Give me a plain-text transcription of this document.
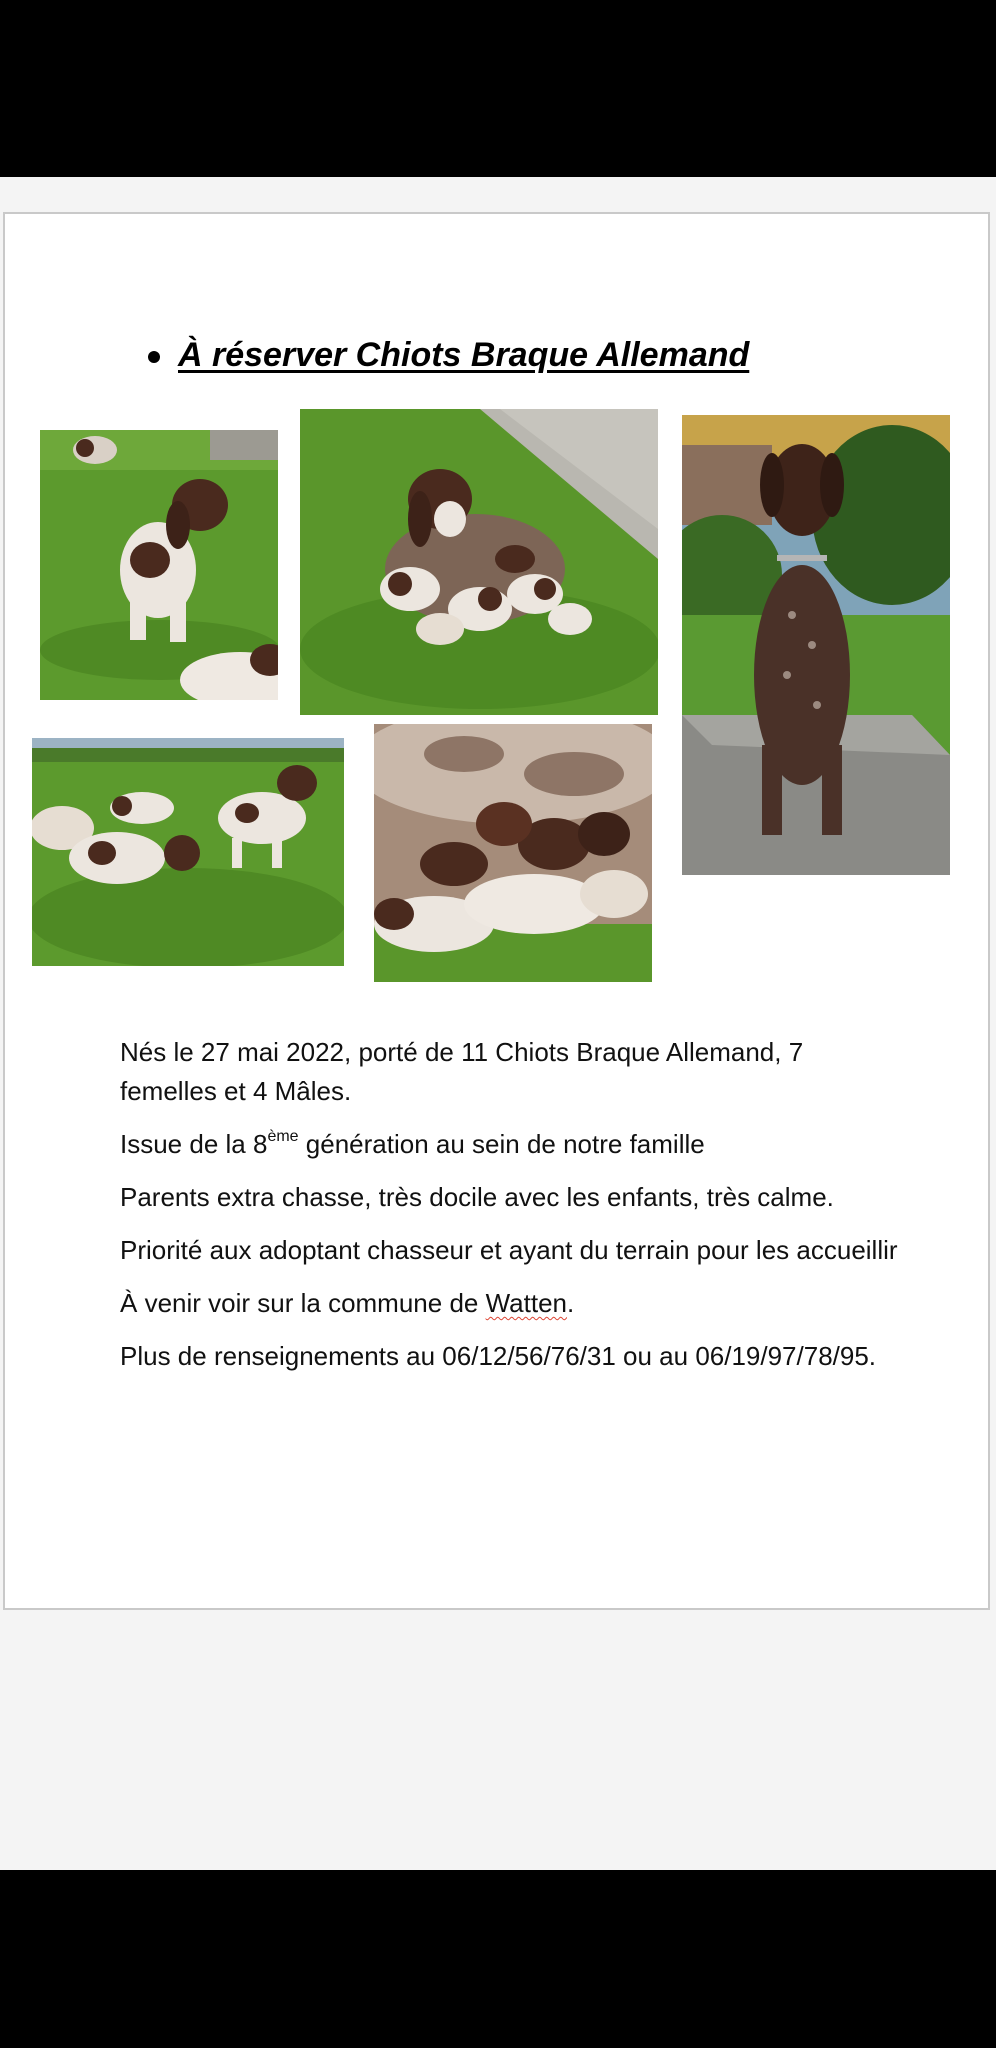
À réserver Chiots Braque Allemand

Nés le 27 mai 2022, porté de 11 Chiots Braque Allemand, 7 femelles et 4 Mâles.

Issue de la 8ème génération au sein de notre famille

Parents extra chasse, très docile avec les enfants, très calme.

Priorité aux adoptant chasseur et ayant du terrain pour les accueillir

À venir voir sur la commune de Watten.

Plus de renseignements au 06/12/56/76/31 ou au 06/19/97/78/95.
